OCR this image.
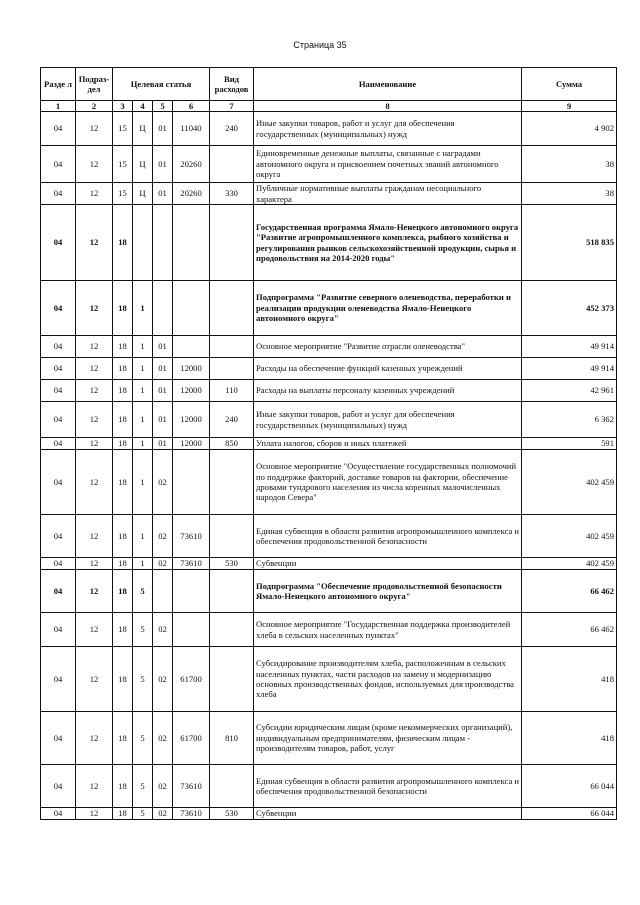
Страница 35
Разде л	Подраз- дел	Целевая статья				Вид расходов	Наименование	Сумма
1	2	3	4	5	6	7	8	9
04	12	15	Ц	01	11040	240	Иные закупки товаров, работ и услуг для обеспечения государственных (муниципальных) нужд	4 902
04	12	15	Ц	01	20260		Единовременные денежные выплаты, связанные с наградами автономного округа и присвоением почетных званий автономного округа	38
04	12	15	Ц	01	20260	330	Публичные нормативные выплаты гражданам несоциального характера	38
04	12	18					Государственная программа Ямало-Ненецкого автономного округа "Развитие агропромышленного комплекса, рыбного хозяйства и регулирования рынков сельскохозяйственной продукции, сырья и продовольствия на 2014-2020 годы"	518 835
04	12	18	1				Подпрограмма "Развитие северного оленеводства, переработки и реализации продукции оленеводства Ямало-Ненецкого автономного округа"	452 373
04	12	18	1	01			Основное мероприятие "Развитие отрасли оленеводства"	49 914
04	12	18	1	01	12000		Расходы на обеспечение функций казенных учреждений	49 914
04	12	18	1	01	12000	110	Расходы на выплаты персоналу казенных учреждений	42 961
04	12	18	1	01	12000	240	Иные закупки товаров, работ и услуг для обеспечения государственных (муниципальных) нужд	6 362
04	12	18	1	01	12000	850	Уплата налогов, сборов и иных платежей	591
04	12	18	1	02			Основное мероприятие "Осуществление государственных полномочий по поддержке факторий, доставке товаров на фактории, обеспечение дровами тундрового населения из числа коренных малочисленных народов Севера"	402 459
04	12	18	1	02	73610		Единая субвенция в области развития агропромышленного комплекса и обеспечения продовольственной безопасности	402 459
04	12	18	1	02	73610	530	Субвенции	402 459
04	12	18	5				Подпрограмма "Обеспечение продовольственной безопасности Ямало-Ненецкого автономного округа"	66 462
04	12	18	5	02			Основное мероприятие "Государственная поддержка производителей хлеба в сельских населенных пунктах"	66 462
04	12	18	5	02	61700		Субсидирование производителям хлеба, расположенным в сельских населенных пунктах, части расходов на замену и модернизацию основных производственных фондов, используемых для производства хлеба	418
04	12	18	5	02	61700	810	Субсидии юридическим лицам (кроме некоммерческих организаций), индивидуальным предпринимателям, физическим лицам - производителям товаров, работ, услуг	418
04	12	18	5	02	73610		Единая субвенция в области развития агропромышленного комплекса и обеспечения продовольственной безопасности	66 044
04	12	18	5	02	73610	530	Субвенции	66 044
